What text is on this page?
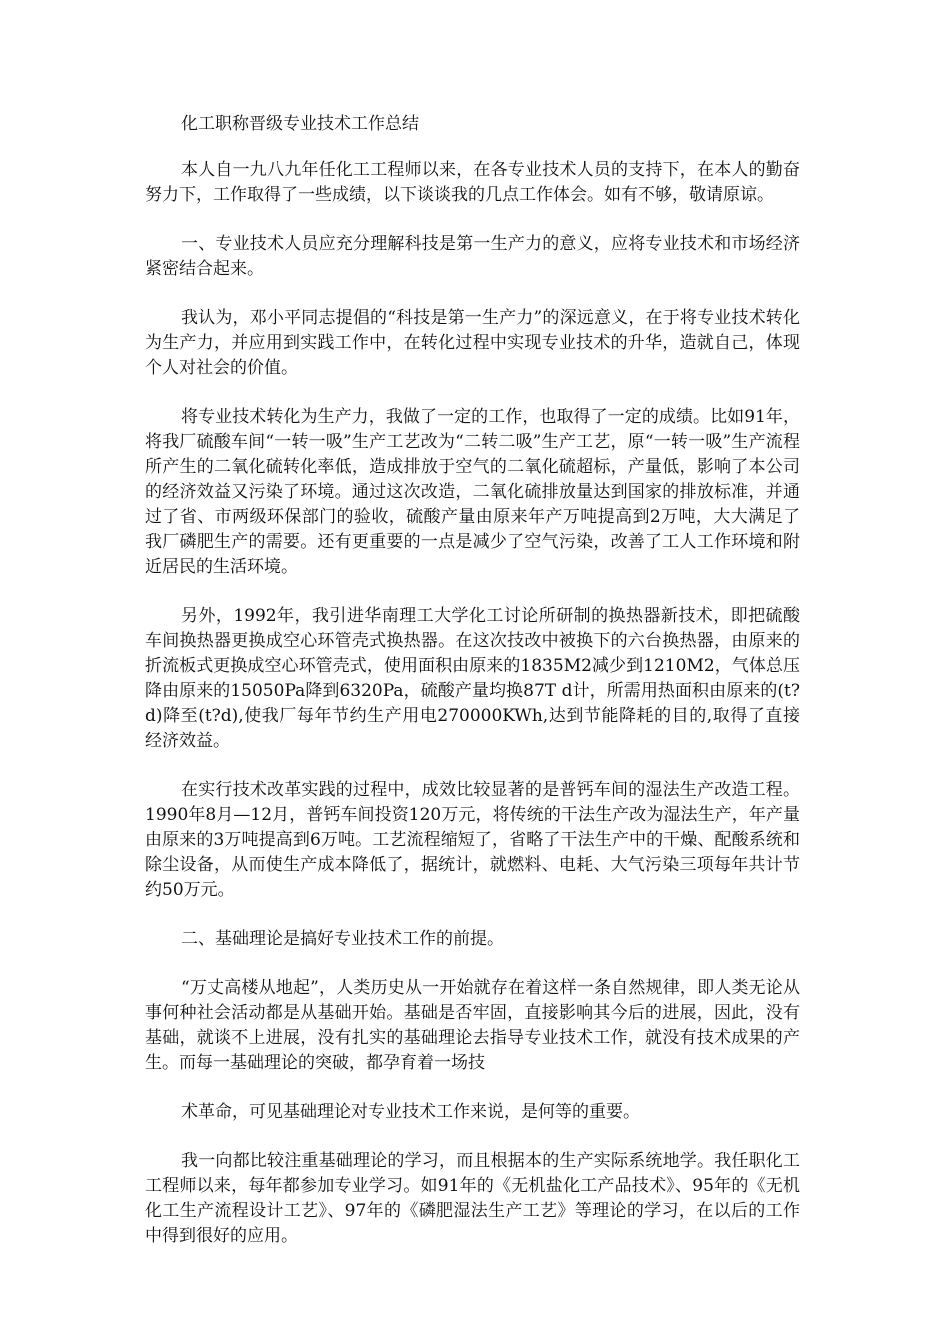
化工职称晋级专业技术工作总结

本人自一九八九年任化工工程师以来，在各专业技术人员的支持下，在本人的勤奋努力下，工作取得了一些成绩，以下谈谈我的几点工作体会。如有不够，敬请原谅。

一、专业技术人员应充分理解科技是第一生产力的意义，应将专业技术和市场经济紧密结合起来。

我认为，邓小平同志提倡的“科技是第一生产力”的深远意义，在于将专业技术转化为生产力，并应用到实践工作中，在转化过程中实现专业技术的升华，造就自己，体现个人对社会的价值。

将专业技术转化为生产力，我做了一定的工作，也取得了一定的成绩。比如91年，将我厂硫酸车间“一转一吸”生产工艺改为“二转二吸”生产工艺，原“一转一吸”生产流程所产生的二氧化硫转化率低，造成排放于空气的二氧化硫超标，产量低，影响了本公司的经济效益又污染了环境。通过这次改造，二氧化硫排放量达到国家的排放标准，并通过了省、市两级环保部门的验收，硫酸产量由原来年产万吨提高到2万吨，大大满足了我厂磷肥生产的需要。还有更重要的一点是减少了空气污染，改善了工人工作环境和附近居民的生活环境。

另外，1992年，我引进华南理工大学化工讨论所研制的换热器新技术，即把硫酸车间换热器更换成空心环管壳式换热器。在这次技改中被换下的六台换热器，由原来的折流板式更换成空心环管壳式，使用面积由原来的1835M2减少到1210M2，气体总压降由原来的15050Pa降到6320Pa，硫酸产量均换87T d计，所需用热面积由原来的(t?d)降至(t?d),使我厂每年节约生产用电270000KWh,达到节能降耗的目的,取得了直接经济效益。

在实行技术改革实践的过程中，成效比较显著的是普钙车间的湿法生产改造工程。1990年8月—12月，普钙车间投资120万元，将传统的干法生产改为湿法生产，年产量由原来的3万吨提高到6万吨。工艺流程缩短了，省略了干法生产中的干燥、配酸系统和除尘设备，从而使生产成本降低了，据统计，就燃料、电耗、大气污染三项每年共计节约50万元。

二、基础理论是搞好专业技术工作的前提。

“万丈高楼从地起”，人类历史从一开始就存在着这样一条自然规律，即人类无论从事何种社会活动都是从基础开始。基础是否牢固，直接影响其今后的进展，因此，没有基础，就谈不上进展，没有扎实的基础理论去指导专业技术工作，就没有技术成果的产生。而每一基础理论的突破，都孕育着一场技

术革命，可见基础理论对专业技术工作来说，是何等的重要。

我一向都比较注重基础理论的学习，而且根据本的生产实际系统地学。我任职化工工程师以来，每年都参加专业学习。如91年的《无机盐化工产品技术》、95年的《无机化工生产流程设计工艺》、97年的《磷肥湿法生产工艺》等理论的学习，在以后的工作中得到很好的应用。
